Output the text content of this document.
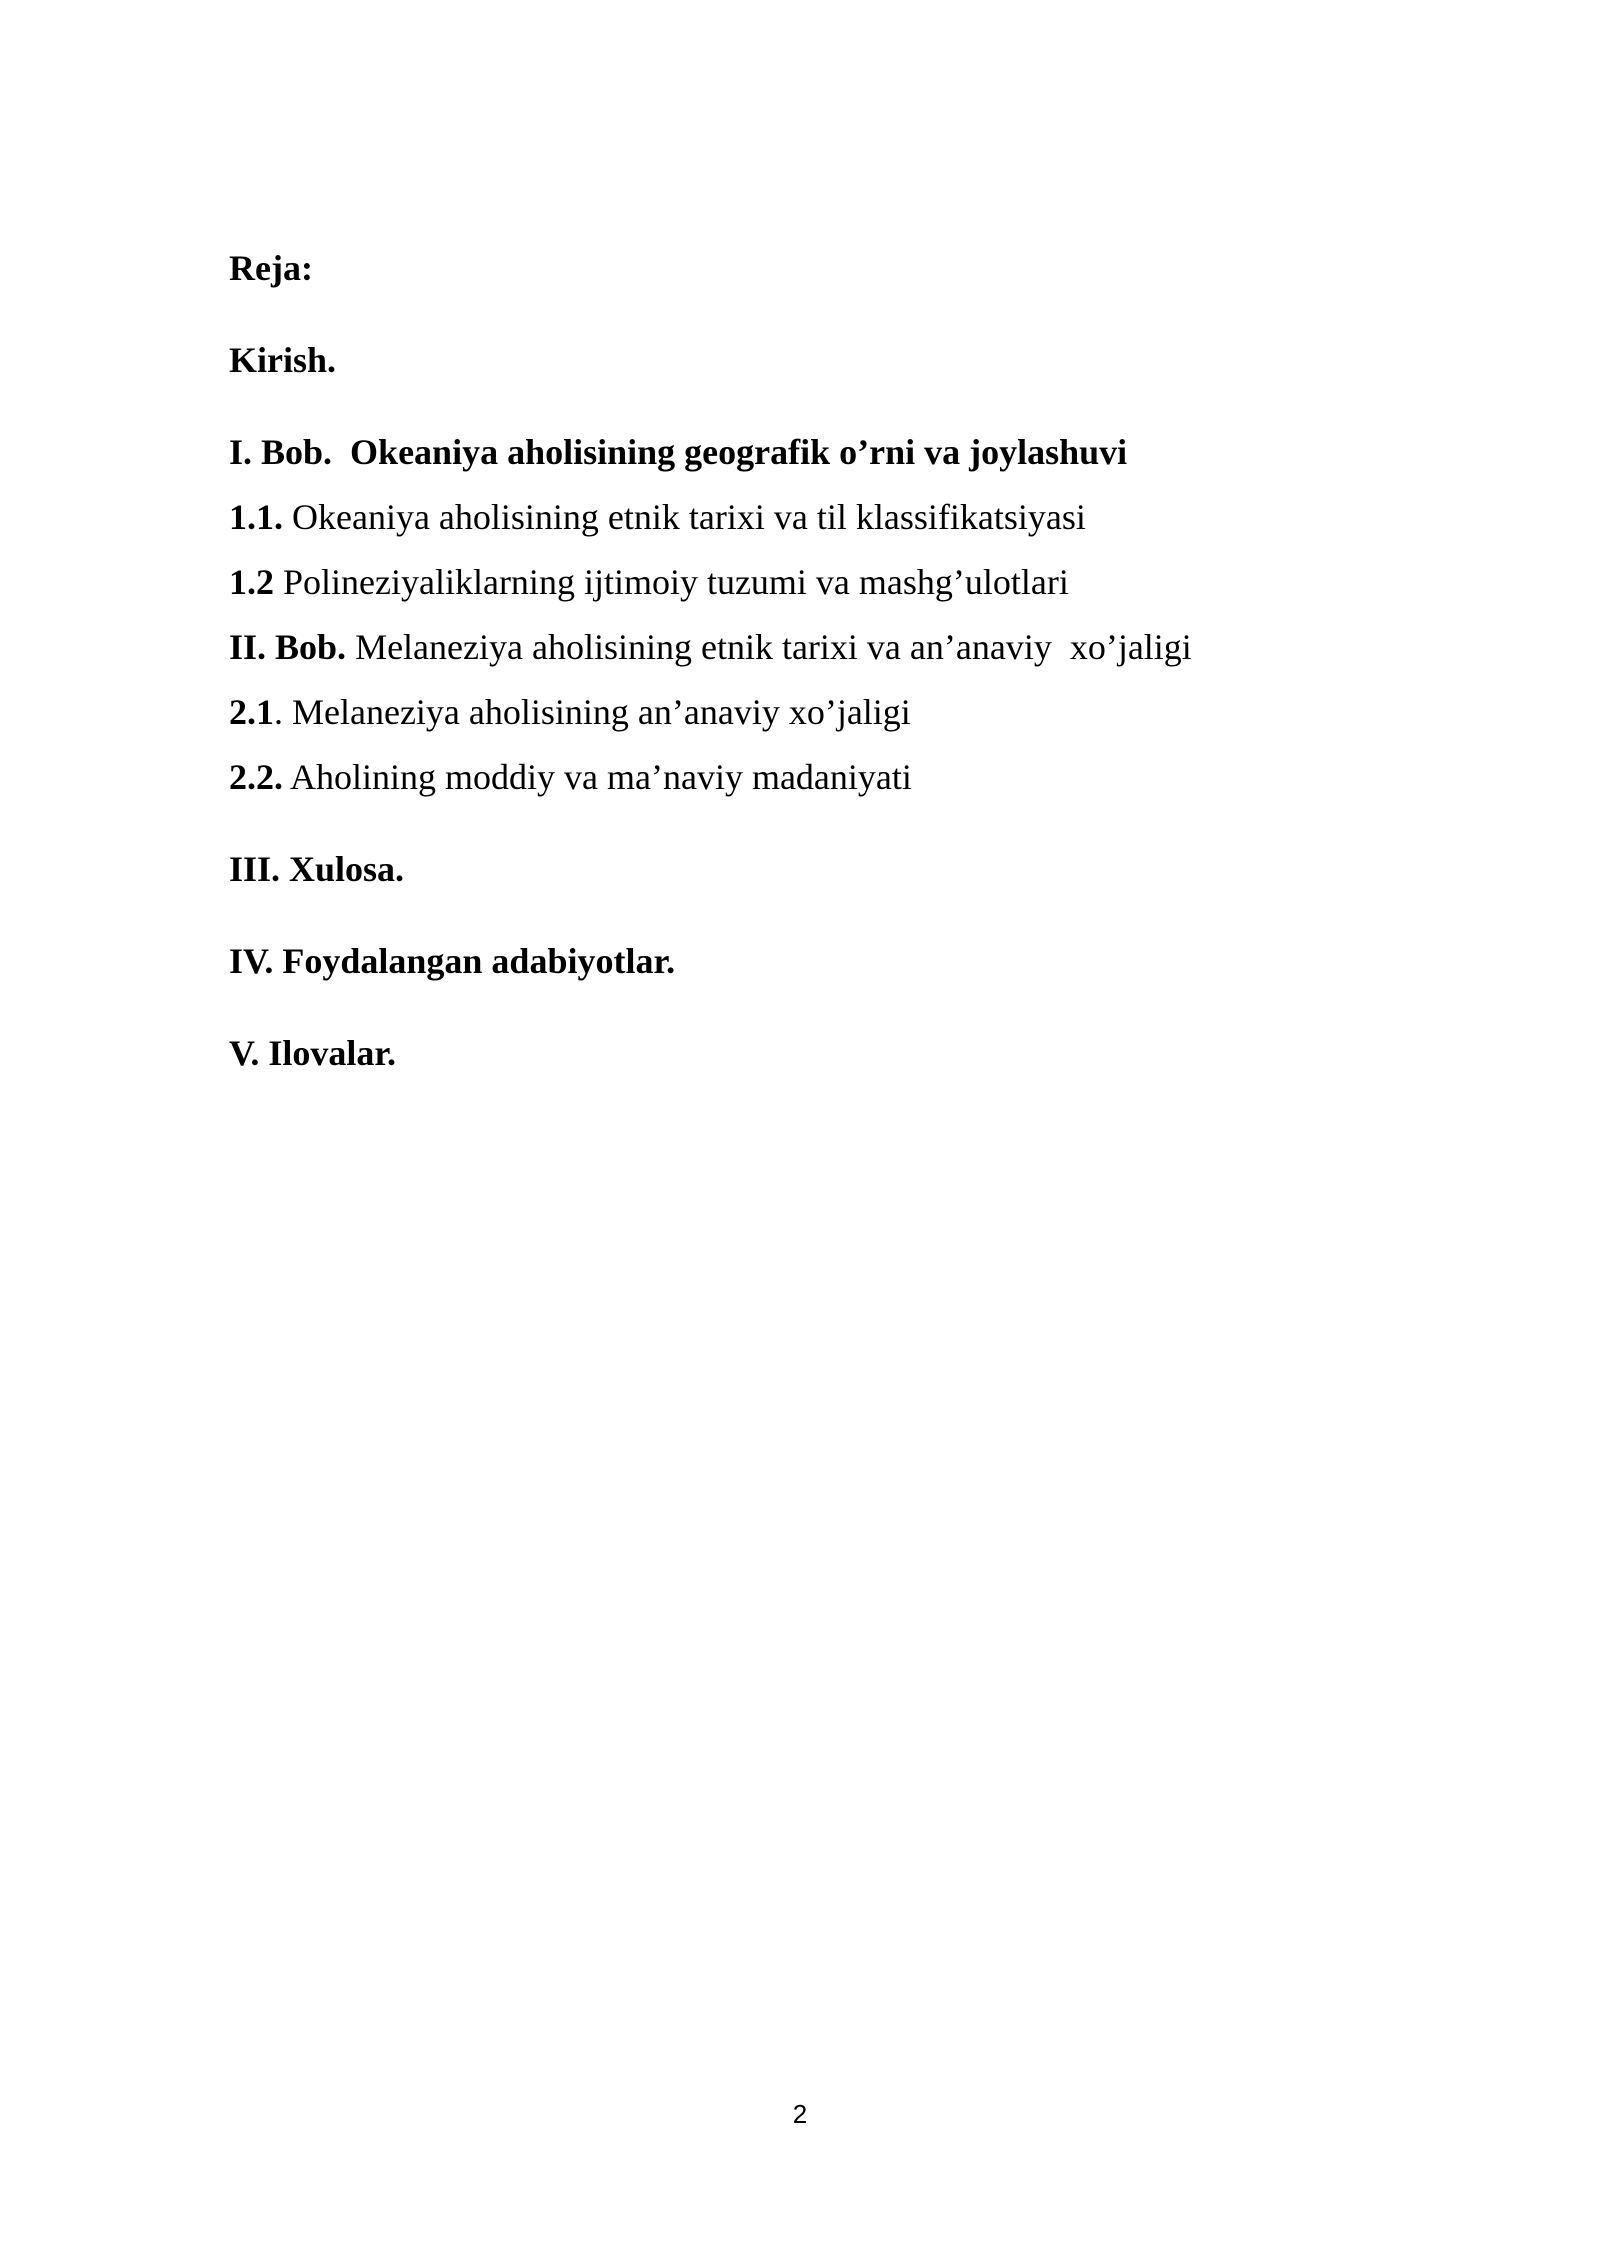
Reja:
Kirish.
I. Bob.  Okeaniya aholisining geografik o’rni va joylashuvi
1.1. Okeaniya aholisining etnik tarixi va til klassifikatsiyasi
1.2 Polineziyaliklarning ijtimoiy tuzumi va mashg’ulotlari
II. Bob. Melaneziya aholisining etnik tarixi va an’anaviy  xo’jaligi
2.1. Melaneziya aholisining an’anaviy xo’jaligi
2.2. Aholining moddiy va ma’naviy madaniyati
III. Xulosa.
IV. Foydalangan adabiyotlar.
V. Ilovalar.
2
